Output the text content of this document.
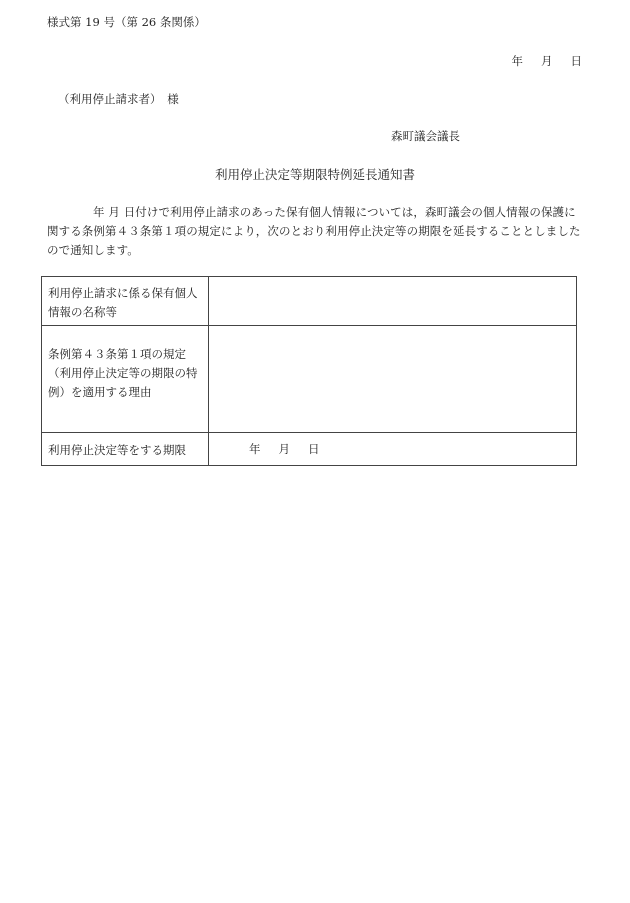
様式第 19 号（第 26 条関係）
年 月 日
（利用停止請求者）　様
森町議会議長
利用停止決定等期限特例延長通知書
年 月 日付けで利用停止請求のあった保有個人情報については，森町議会の個人情報の保護に関する条例第４３条第１項の規定により，次のとおり利用停止決定等の期限を延長することとしましたので通知します。
利用停止請求に係る保有個人情報の名称等	
条例第４３条第１項の規定（利用停止決定等の期限の特例）を適用する理由	
利用停止決定等をする期限	年 月 日
